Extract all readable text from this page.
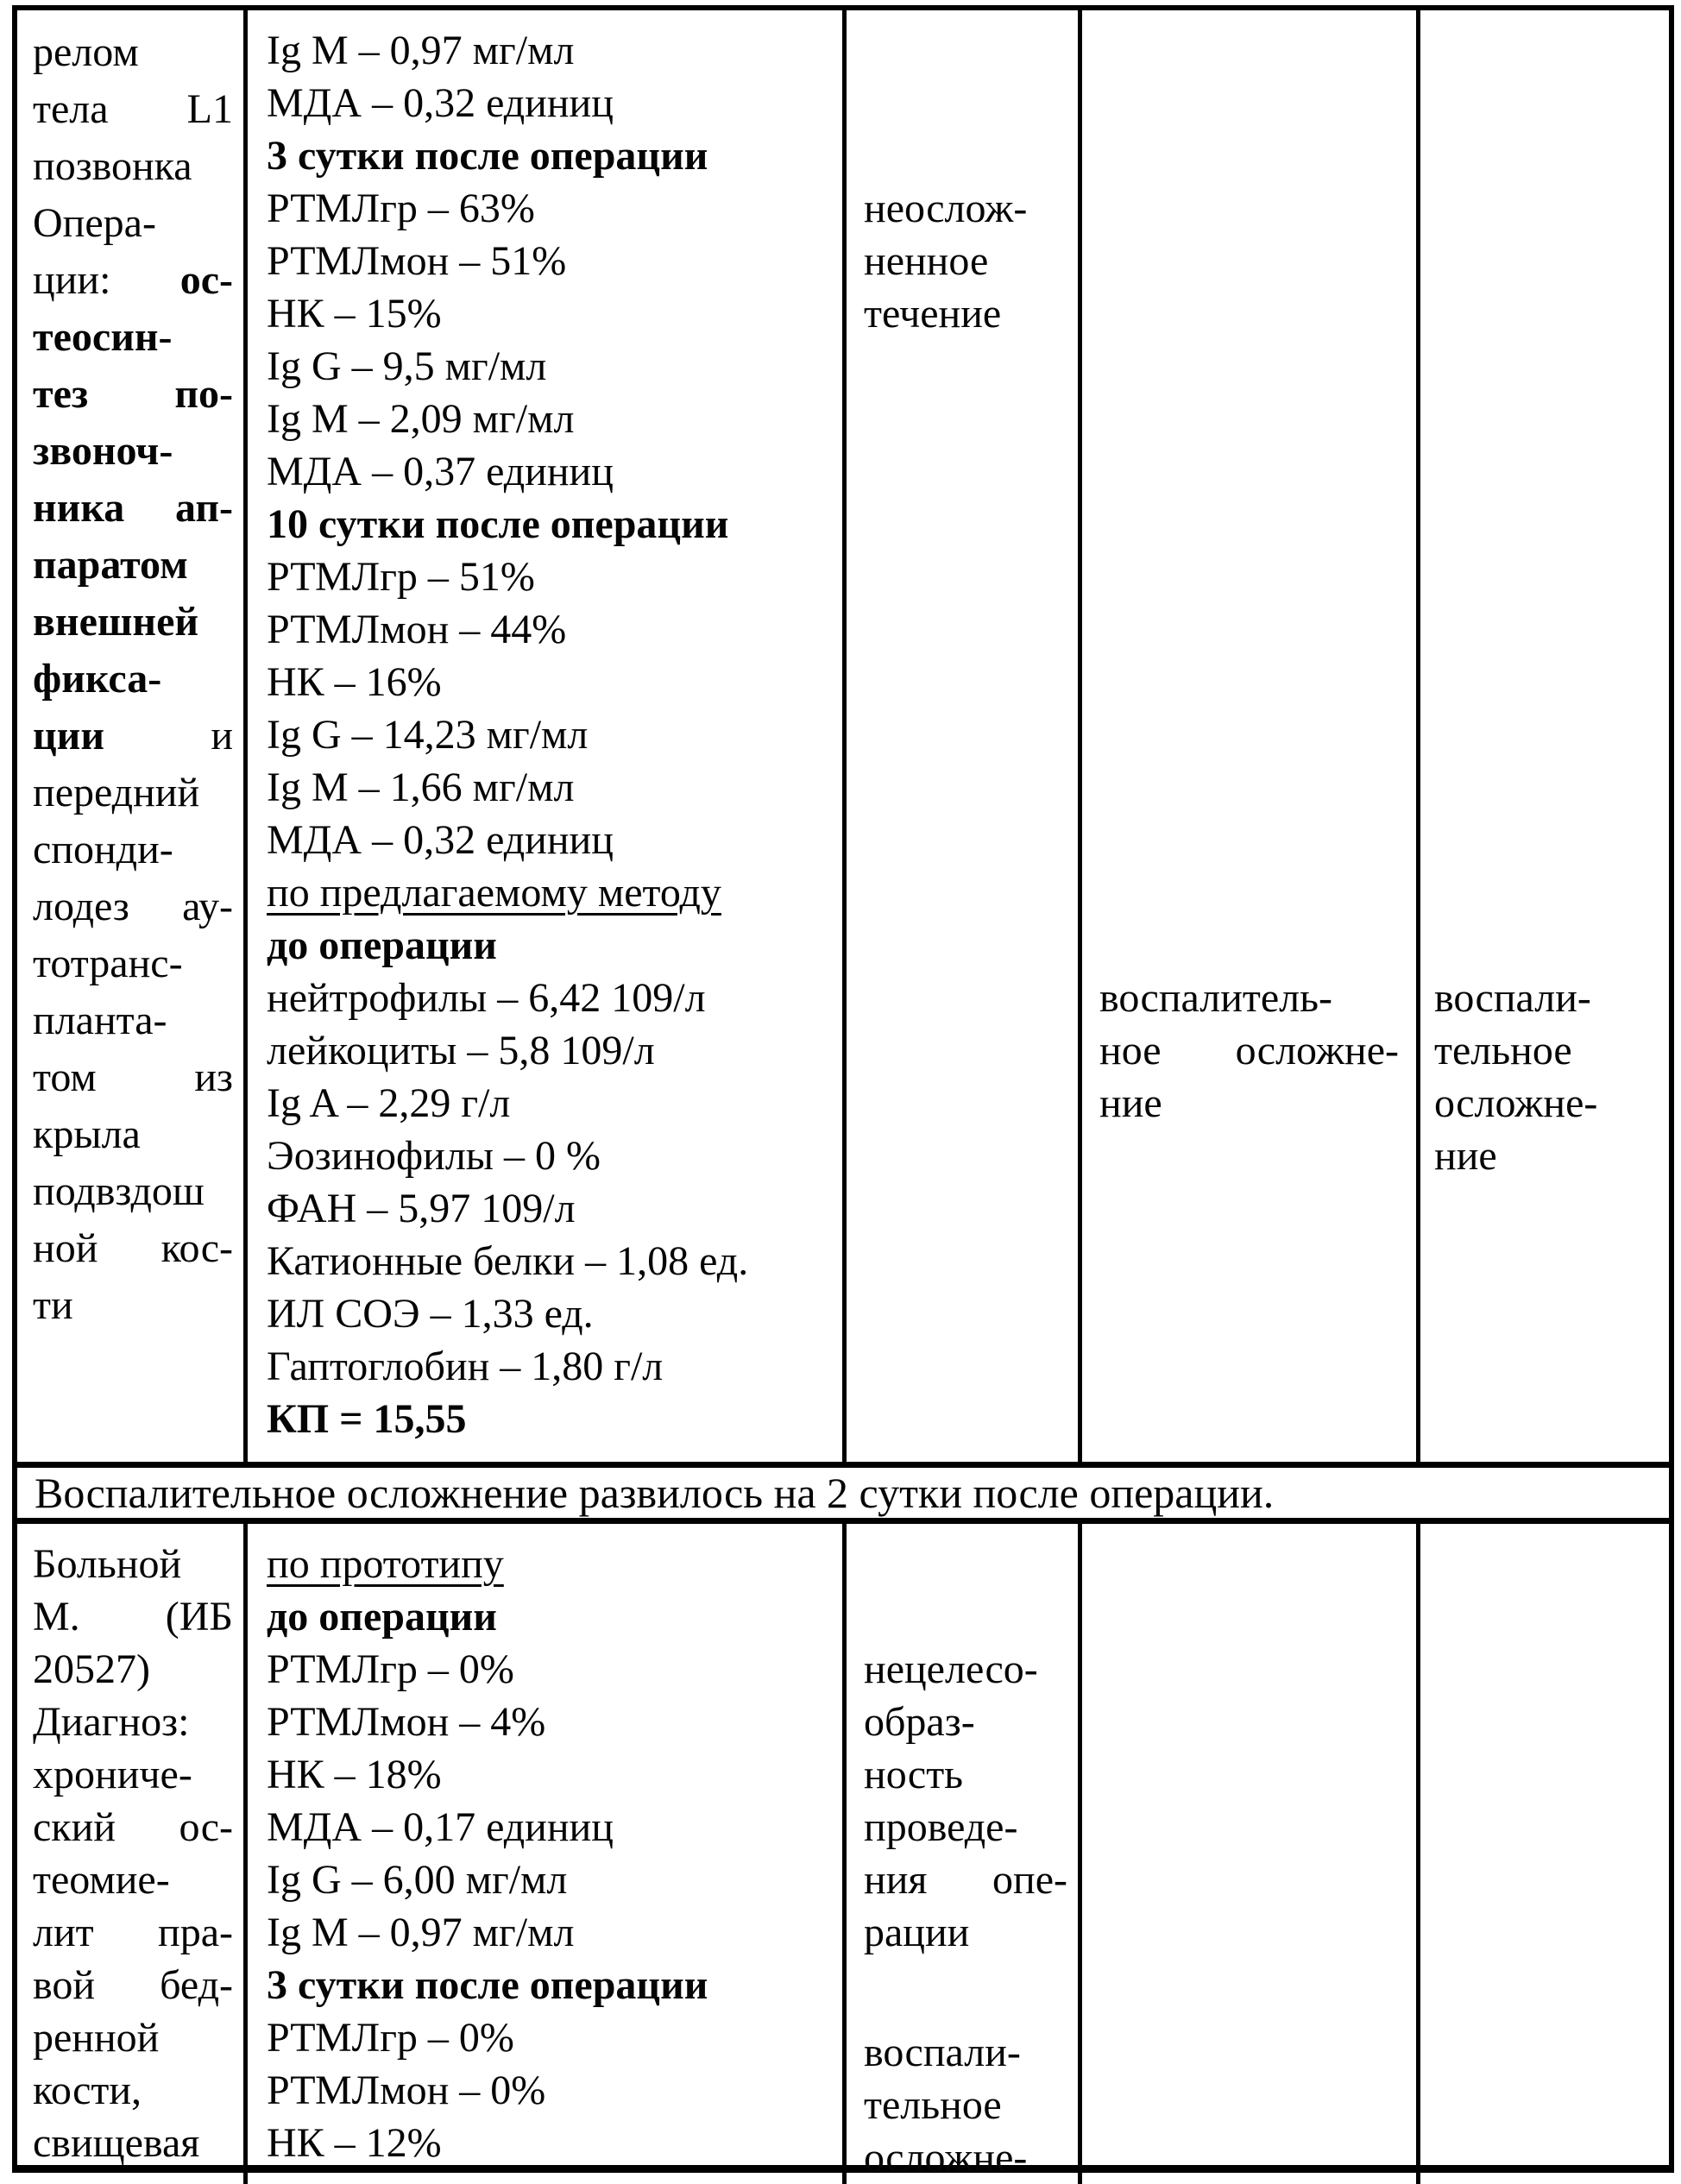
релом
тела L1
позвонка
Опера-
ции: ос-
теосин-
тез по-
звоноч-
ника ап-
паратом
внешней
фикса-
ции	и
передний
спонди-
лодез ау-
тотранс-
планта-
том из
крыла
подвздош
ной кос-
ти
Ig M – 0,97 мг/мл
МДА – 0,32 единиц
3 сутки после операции
РТМЛгр – 63%
РТМЛмон – 51%
НК – 15%
Ig G – 9,5 мг/мл
Ig M – 2,09 мг/мл
МДА – 0,37 единиц
10 сутки после операции
РТМЛгр – 51%
РТМЛмон – 44%
НК – 16%
Ig G – 14,23 мг/мл
Ig M – 1,66 мг/мл
МДА – 0,32 единиц
по предлагаемому методу
до операции
нейтрофилы – 6,42 109/л
лейкоциты – 5,8 109/л
Ig A – 2,29 г/л
Эозинофилы – 0 %
ФАН – 5,97 109/л
Катионные белки – 1,08 ед.
ИЛ СОЭ – 1,33 ед.
Гаптоглобин – 1,80 г/л
КП = 15,55
неослож-
ненное
течение
воспалитель-
ное осложне-
ние
воспали-
тельное
осложне-
ние
Воспалительное осложнение развилось на 2 сутки после операции.
Больной
М. (ИБ
20527)
Диагноз:
хрониче-
ский ос-
теомие-
лит пра-
вой бед-
ренной
кости,
свищевая
по прототипу
до операции
РТМЛгр – 0%
РТМЛмон – 4%
НК – 18%
МДА – 0,17 единиц
Ig G – 6,00 мг/мл
Ig M – 0,97 мг/мл
3 сутки после операции
РТМЛгр – 0%
РТМЛмон – 0%
НК – 12%
нецелесо-
образ-
ность
проведе-
ния опе-
рации
воспали-
тельное
осложне-
